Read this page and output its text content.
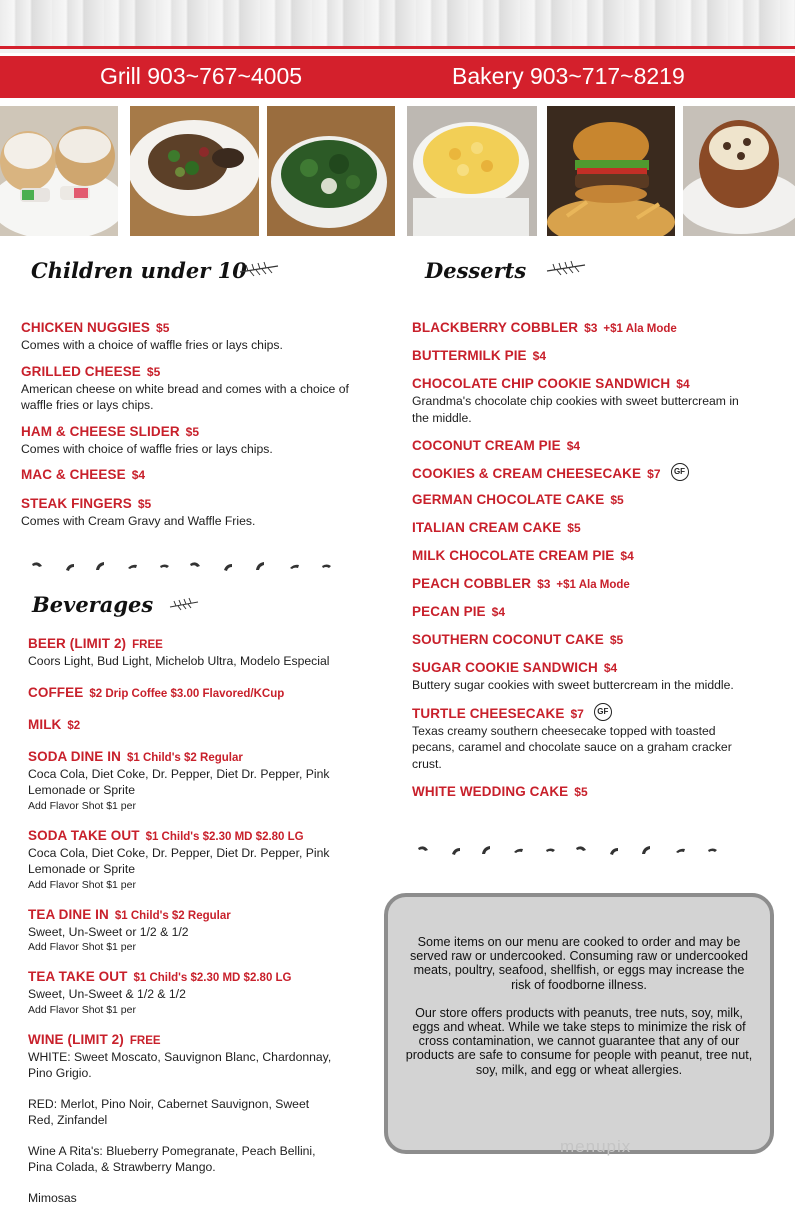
Grill 903~767~4005	Bakery 903~717~8219
Children under 10	Desserts
CHICKEN NUGGIES $5
Comes with a choice of waffle fries or lays chips.
GRILLED CHEESE $5
American cheese on white bread and comes with a choice of waffle fries or lays chips.
HAM & CHEESE SLIDER $5
Comes with choice of waffle fries or lays chips.
MAC & CHEESE $4
STEAK FINGERS $5
Comes with Cream Gravy and Waffle Fries.
Beverages
BEER (LIMIT 2) FREE
Coors Light, Bud Light, Michelob Ultra, Modelo Especial
COFFEE $2 Drip Coffee $3.00 Flavored/KCup
MILK $2
SODA DINE IN $1 Child's $2 Regular
Coca Cola, Diet Coke, Dr. Pepper, Diet Dr. Pepper, Pink Lemonade or Sprite
Add Flavor Shot $1 per
SODA TAKE OUT $1 Child's $2.30 MD $2.80 LG
Coca Cola, Diet Coke, Dr. Pepper, Diet Dr. Pepper, Pink Lemonade or Sprite
Add Flavor Shot $1 per
TEA DINE IN $1 Child's $2 Regular
Sweet, Un-Sweet or 1/2 & 1/2
Add Flavor Shot $1 per
TEA TAKE OUT $1 Child's $2.30 MD $2.80 LG
Sweet, Un-Sweet & 1/2 & 1/2
Add Flavor Shot $1 per
WINE (LIMIT 2) FREE
WHITE: Sweet Moscato, Sauvignon Blanc, Chardonnay, Pino Grigio.
RED: Merlot, Pino Noir, Cabernet Sauvignon, Sweet Red, Zinfandel
Wine A Rita's: Blueberry Pomegranate, Peach Bellini, Pina Colada, & Strawberry Mango.
Mimosas
BLACKBERRY COBBLER $3 +$1 Ala Mode
BUTTERMILK PIE $4
CHOCOLATE CHIP COOKIE SANDWICH $4
Grandma's chocolate chip cookies with sweet buttercream in the middle.
COCONUT CREAM PIE $4
COOKIES & CREAM CHEESECAKE $7 GF
GERMAN CHOCOLATE CAKE $5
ITALIAN CREAM CAKE $5
MILK CHOCOLATE CREAM PIE $4
PEACH COBBLER $3 +$1 Ala Mode
PECAN PIE $4
SOUTHERN COCONUT CAKE $5
SUGAR COOKIE SANDWICH $4
Buttery sugar cookies with sweet buttercream in the middle.
TURTLE CHEESECAKE $7 GF
Texas creamy southern cheesecake topped with toasted pecans, caramel and chocolate sauce on a graham cracker crust.
WHITE WEDDING CAKE $5

Some items on our menu are cooked to order and may be served raw or undercooked. Consuming raw or undercooked meats, poultry, seafood, shellfish, or eggs may increase the risk of foodborne illness.

Our store offers products with peanuts, tree nuts, soy, milk, eggs and wheat. While we take steps to minimize the risk of cross contamination, we cannot guarantee that any of our products are safe to consume for people with peanut, tree nut, soy, milk, and egg or wheat allergies.

menupix
